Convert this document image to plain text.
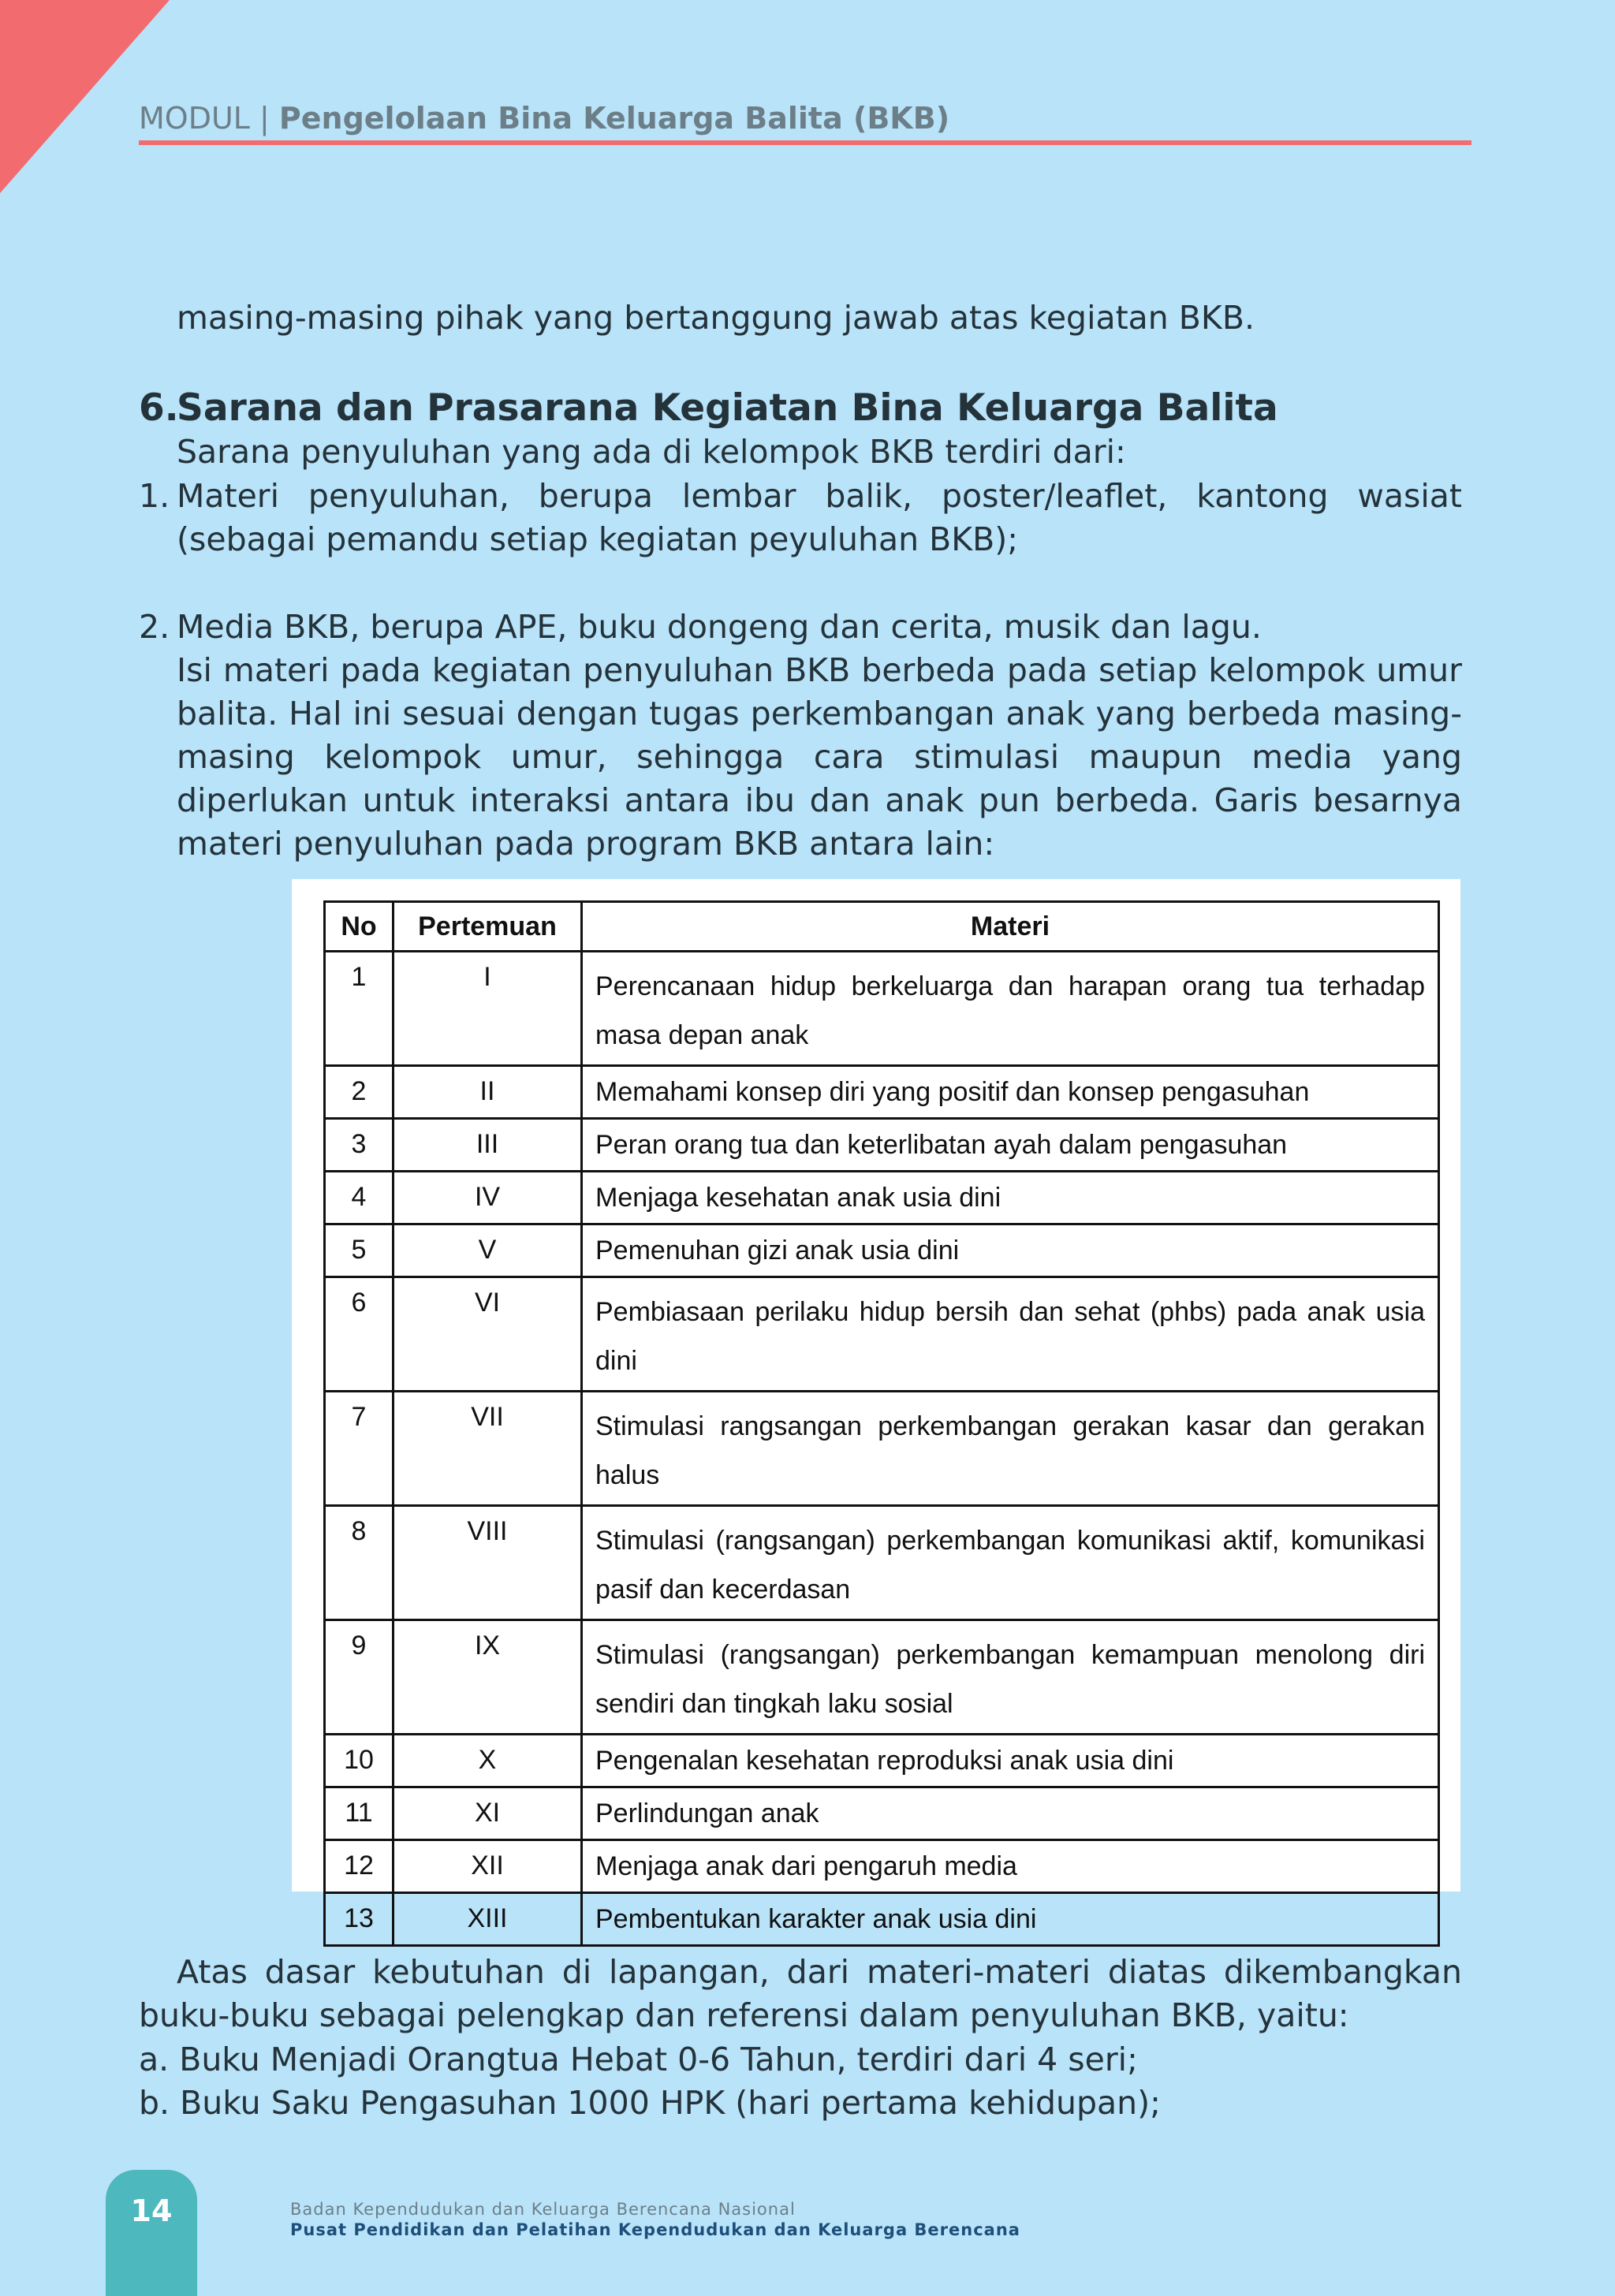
MODUL | Pengelolaan Bina Keluarga Balita (BKB)
masing-masing pihak yang bertanggung jawab atas kegiatan BKB.
6.
Sarana dan Prasarana Kegiatan Bina Keluarga Balita
Sarana penyuluhan yang ada di kelompok BKB terdiri dari:
1. Materi penyuluhan, berupa lembar balik, poster/leaflet, kantong wasiat (sebagai pemandu setiap kegiatan peyuluhan BKB);
2. Media BKB, berupa APE, buku dongeng dan cerita, musik dan lagu.
Isi materi pada kegiatan penyuluhan BKB berbeda pada setiap kelompok umur balita. Hal ini sesuai dengan tugas perkembangan anak yang berbeda masing-masing kelompok umur, sehingga cara stimulasi maupun media yang diperlukan untuk interaksi antara ibu dan anak pun berbeda. Garis besarnya materi penyuluhan pada program BKB antara lain:
No	Pertemuan	Materi
1	I	Perencanaan hidup berkeluarga dan harapan orang tua terhadap masa depan anak
2	II	Memahami konsep diri yang positif dan konsep pengasuhan
3	III	Peran orang tua dan keterlibatan ayah dalam pengasuhan
4	IV	Menjaga kesehatan anak usia dini
5	V	Pemenuhan gizi anak usia dini
6	VI	Pembiasaan perilaku hidup bersih dan sehat (phbs) pada anak usia dini
7	VII	Stimulasi rangsangan perkembangan gerakan kasar dan gerakan halus
8	VIII	Stimulasi (rangsangan) perkembangan komunikasi aktif, komunikasi pasif dan kecerdasan
9	IX	Stimulasi (rangsangan) perkembangan kemampuan menolong diri sendiri dan tingkah laku sosial
10	X	Pengenalan kesehatan reproduksi anak usia dini
11	XI	Perlindungan anak
12	XII	Menjaga anak dari pengaruh media
13	XIII	Pembentukan karakter anak usia dini
Atas dasar kebutuhan di lapangan, dari materi-materi diatas dikembangkan buku-buku sebagai pelengkap dan referensi dalam penyuluhan BKB, yaitu:
a. Buku Menjadi Orangtua Hebat 0-6 Tahun, terdiri dari 4 seri;
b. Buku Saku Pengasuhan 1000 HPK (hari pertama kehidupan);
14	Badan Kependudukan dan Keluarga Berencana Nasional
Pusat Pendidikan dan Pelatihan Kependudukan dan Keluarga Berencana
